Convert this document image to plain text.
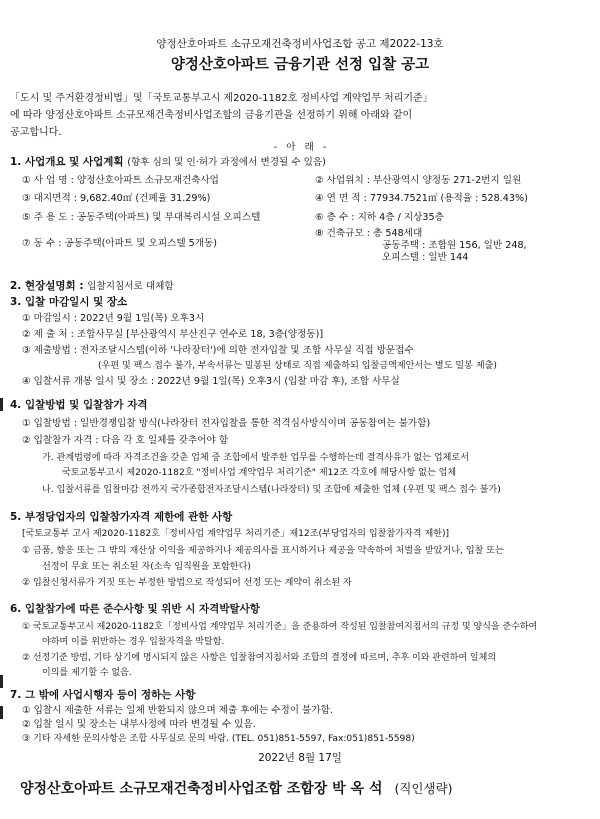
양정산호아파트 소규모재건축정비사업조합 공고 제2022-13호
양정산호아파트 금융기관 선정 입찰 공고
「도시 및 주거환경정비법」및「국토교통부고시 제2020-1182호 정비사업 계약업무 처리기준」
에 따라 양정산호아파트 소규모재건축정비사업조합의 금융기관을 선정하기 위해 아래와 같이
공고합니다.
- 아 래 -
1. 사업개요 및 사업계획 (향후 심의 및 인·허가 과정에서 변경될 수 있음)
① 사 업 명 : 양정산호아파트 소규모재건축사업	② 사업위치 : 부산광역시 양정동 271-2번지 일원
③ 대지면적 : 9,682.40㎡ (건폐율 31.29%)	④ 연 면 적 : 77934.7521㎡ (용적율 : 528.43%)
⑤ 주 용 도 : 공동주택(아파트) 및 부대복리시설 오피스텔	⑥ 층 수 : 지하 4층 / 지상35층
⑦ 동 수 : 공동주택(아파트 및 오피스텔 5개동)
⑧ 건축규모 : 총 548세대
공동주택 : 조합원 156, 일반 248,
오피스텔 : 일반 144
2. 현장설명회 : 입찰지침서로 대체함
3. 입찰 마감일시 및 장소
① 마감일시 : 2022년 9월 1일(목) 오후3시
② 제 출 처 : 조합사무실 [부산광역시 부산진구 연수로 18, 3층(양정동)]
③ 제출방법 : 전자조달시스템(이하 '나라장터')에 의한 전자입찰 및 조합 사무실 직접 방문접수
(우편 및 팩스 접수 불가, 부속서류는 밀봉된 상태로 직접 제출하되 입찰금액제안서는 별도 밀봉 제출)
④ 입찰서류 개봉 일시 및 장소 : 2022년 9월 1일(목) 오후3시 (입찰 마감 후), 조합 사무실
4. 입찰방법 및 입찰참가 자격
① 입찰방법 : 일반경쟁입찰 방식(나라장터 전자입찰을 통한 적격심사방식이며 공동참여는 불가함)
② 입찰참가 자격 : 다음 각 호 일체를 갖추어야 함
가. 관계법령에 따라 자격조건을 갖춘 업체 중 조합에서 발주한 업무를 수행하는데 결격사유가 없는 업체로서
국토교통부고시 제2020-1182호 "정비사업 계약업무 처리기준" 제12조 각호에 해당사항 없는 업체
나. 입찰서류를 입찰마감 전까지 국가종합전자조달시스템(나라장터) 및 조합에 제출한 업체 (우편 및 팩스 접수 불가)
5. 부정당업자의 입찰참가자격 제한에 관한 사항
[국토교통부 고시 제2020-1182호「정비사업 계약업무 처리기준」제12조(부당업자의 입찰참가자격 제한)]
① 금품, 향응 또는 그 밖의 재산상 이익을 제공하거나 제공의사를 표시하거나 제공을 약속하여 처벌을 받았거나, 입찰 또는
선정이 무효 또는 취소된 자(소속 임직원을 포함한다)
② 입찰신청서류가 거짓 또는 부정한 방법으로 작성되어 선정 또는 계약이 취소된 자
6. 입찰참가에 따른 준수사항 및 위반 시 자격박탈사항
① 국토교통부고시 제2020-1182호「정비사업 계약업무 처리기준」을 준용하여 작성된 입찰참여지침서의 규정 및 양식을 준수하여
야하며 이를 위반하는 경우 입찰자격을 박탈함.
② 선정기준 방법, 기타 상기에 명시되지 않은 사항은 입찰참여지침서와 조합의 결정에 따르며, 추후 이와 관련하여 일체의
이의를 제기할 수 없음.
7. 그 밖에 사업시행자 등이 정하는 사항
① 입찰시 제출한 서류는 일체 반환되지 않으며 제출 후에는 수정이 불가함.
② 입찰 일시 및 장소는 내부사정에 따라 변경될 수 있음.
③ 기타 자세한 문의사항은 조합 사무실로 문의 바람. (TEL. 051)851-5597, Fax:051)851-5598)
2022년 8월 17일
양정산호아파트 소규모재건축정비사업조합 조합장 박 옥 석 (직인생략)
